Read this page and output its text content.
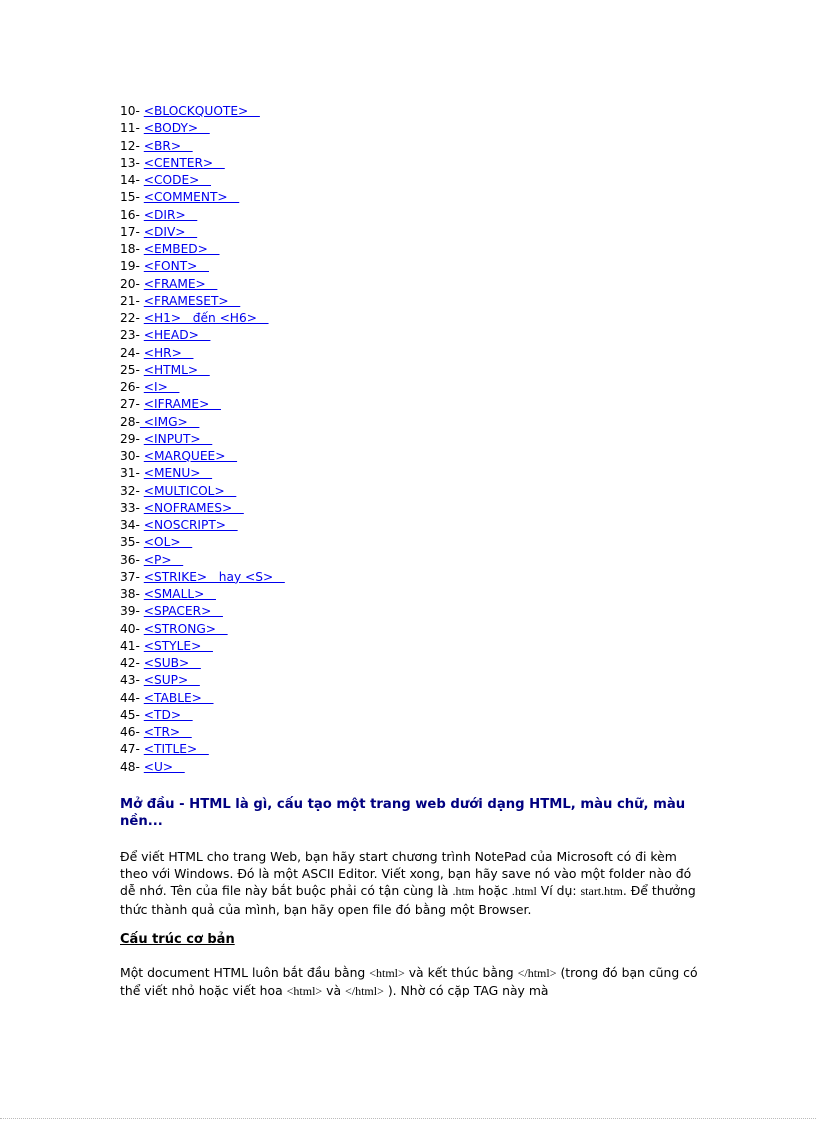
10- <BLOCKQUOTE>
11- <BODY>
12- <BR>
13- <CENTER>
14- <CODE>
15- <COMMENT>
16- <DIR>
17- <DIV>
18- <EMBED>
19- <FONT>
20- <FRAME>
21- <FRAMESET>
22- <H1>   đến <H6>
23- <HEAD>
24- <HR>
25- <HTML>
26- <I>
27- <IFRAME>
28- <IMG>
29- <INPUT>
30- <MARQUEE>
31- <MENU>
32- <MULTICOL>
33- <NOFRAMES>
34- <NOSCRIPT>
35- <OL>
36- <P>
37- <STRIKE>   hay <S>
38- <SMALL>
39- <SPACER>
40- <STRONG>
41- <STYLE>
42- <SUB>
43- <SUP>
44- <TABLE>
45- <TD>
46- <TR>
47- <TITLE>
48- <U>
Mở đầu - HTML là gì, cấu tạo một trang web dưới dạng HTML, màu chữ, màu nền...

Để viết HTML cho trang Web, bạn hãy start chương trình NotePad của Microsoft có đi kèm theo với Windows. Đó là một ASCII Editor. Viết xong, bạn hãy save nó vào một folder nào đó dễ nhớ. Tên của file này bắt buộc phải có tận cùng là .htm hoặc .html Ví dụ: start.htm. Để thưởng thức thành quả của mình, bạn hãy open file đó bằng một Browser.

Cấu trúc cơ bản

Một document HTML luôn bắt đầu bằng <html> và kết thúc bằng </html> (trong đó bạn cũng có thể viết nhỏ hoặc viết hoa <html> và </html> ). Nhờ có cặp TAG này mà
